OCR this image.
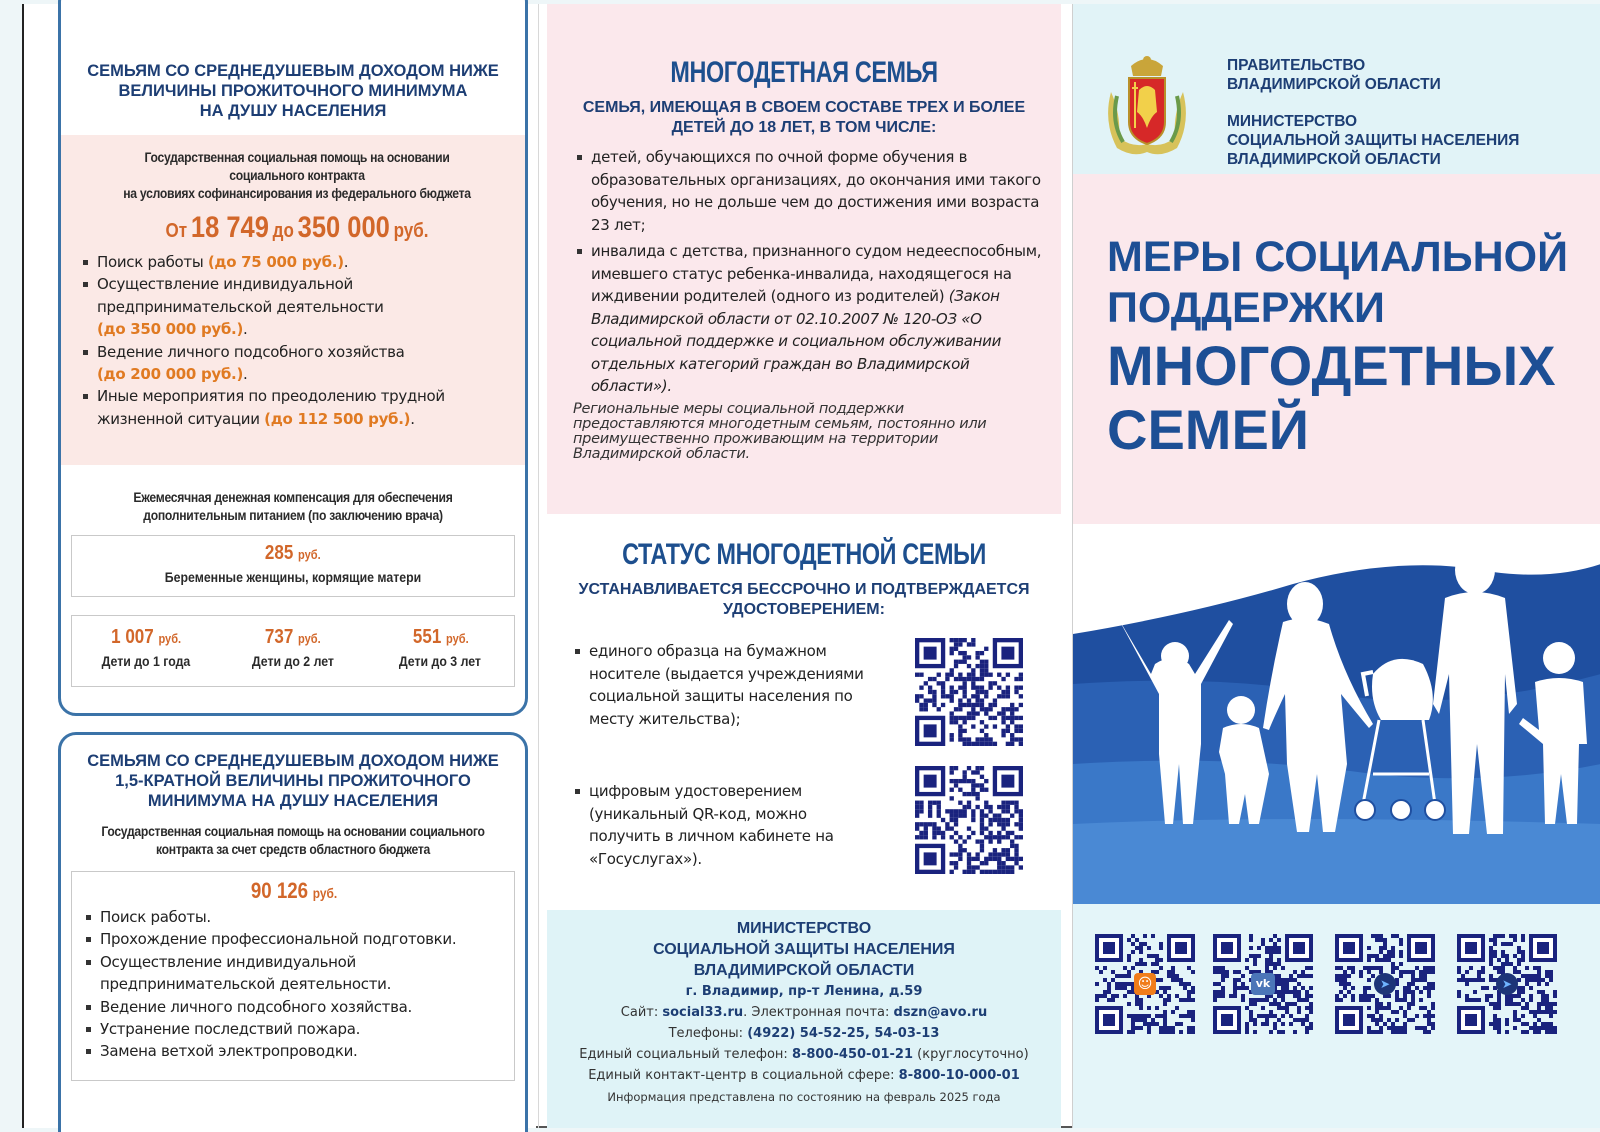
СЕМЬЯМ СО СРЕДНЕДУШЕВЫМ ДОХОДОМ НИЖЕ
ВЕЛИЧИНЫ ПРОЖИТОЧНОГО МИНИМУМА
НА ДУШУ НАСЕЛЕНИЯ
Государственная социальная помощь на основании
социального контракта
на условиях софинансирования из федерального бюджета
От 18 749 до 350 000 руб.
Поиск работы (до 75 000 руб.).
Осуществление индивидуальной предпринимательской деятельности
(до 350 000 руб.).
Ведение личного подсобного хозяйства
(до 200 000 руб.).
Иные мероприятия по преодолению трудной жизненной ситуации (до 112 500 руб.).
Ежемесячная денежная компенсация для обеспечения
дополнительным питанием (по заключению врача)
285 руб.
Беременные женщины, кормящие матери
1 007 руб.
Дети до 1 года
737 руб.
Дети до 2 лет
551 руб.
Дети до 3 лет
СЕМЬЯМ СО СРЕДНЕДУШЕВЫМ ДОХОДОМ НИЖЕ
1,5-КРАТНОЙ ВЕЛИЧИНЫ ПРОЖИТОЧНОГО
МИНИМУМА НА ДУШУ НАСЕЛЕНИЯ
Государственная социальная помощь на основании социального
контракта за счет средств областного бюджета
90 126 руб.
Поиск работы.
Прохождение профессиональной подготовки.
Осуществление индивидуальной предпринимательской деятельности.
Ведение личного подсобного хозяйства.
Устранение последствий пожара.
Замена ветхой электропроводки.
МНОГОДЕТНАЯ СЕМЬЯ
СЕМЬЯ, ИМЕЮЩАЯ В СВОЕМ СОСТАВЕ ТРЕХ И БОЛЕЕ
ДЕТЕЙ ДО 18 ЛЕТ, В ТОМ ЧИСЛЕ:
детей, обучающихся по очной форме обучения в образовательных организациях, до окончания ими такого обучения, но не дольше чем до достижения ими возраста 23 лет;
инвалида с детства, признанного судом недееспособным, имевшего статус ребенка-инвалида, находящегося на иждивении родителей (одного из родителей) (Закон Владимирской области от 02.10.2007 № 120-ОЗ «О социальной поддержке и социальном обслуживании отдельных категорий граждан во Владимирской области»).
Региональные меры социальной поддержки предоставляются многодетным семьям, постоянно или преимущественно проживающим на территории Владимирской области.
СТАТУС МНОГОДЕТНОЙ СЕМЬИ
УСТАНАВЛИВАЕТСЯ БЕССРОЧНО И ПОДТВЕРЖДАЕТСЯ
УДОСТОВЕРЕНИЕМ:
единого образца на бумажном носителе (выдается учреждениями социальной защиты населения по месту жительства);
цифровым удостоверением (уникальный QR-код, можно получить в личном кабинете на «Госуслугах»).
МИНИСТЕРСТВО
СОЦИАЛЬНОЙ ЗАЩИТЫ НАСЕЛЕНИЯ
ВЛАДИМИРСКОЙ ОБЛАСТИ
г. Владимир, пр-т Ленина, д.59
Сайт: social33.ru. Электронная почта: dszn@avo.ru
Телефоны: (4922) 54-52-25, 54-03-13
Единый социальный телефон: 8-800-450-01-21 (круглосуточно)
Единый контакт-центр в социальной сфере: 8-800-10-000-01
Информация представлена по состоянию на февраль 2025 года
ПРАВИТЕЛЬСТВО
ВЛАДИМИРСКОЙ ОБЛАСТИ
МИНИСТЕРСТВО
СОЦИАЛЬНОЙ ЗАЩИТЫ НАСЕЛЕНИЯ
ВЛАДИМИРСКОЙ ОБЛАСТИ
МЕРЫ СОЦИАЛЬНОЙ
ПОДДЕРЖКИ
МНОГОДЕТНЫХ
СЕМЕЙ
☺	vk	➤	➤
